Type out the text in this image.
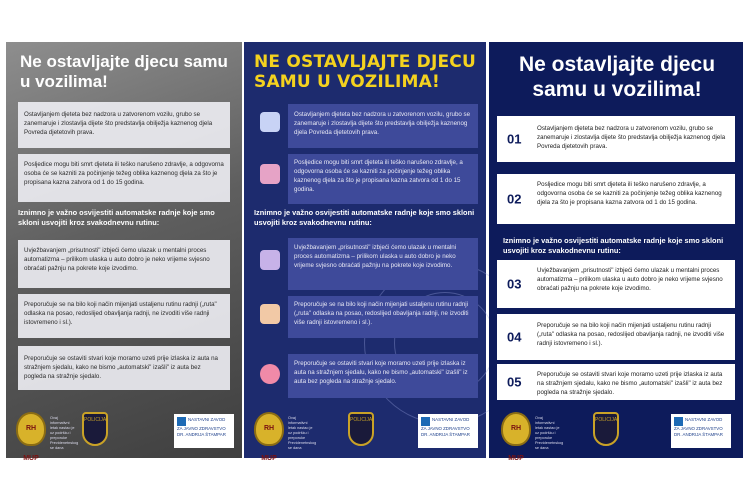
Ne ostavljajte djecu samu u vozilima!
Ostavljanjem djeteta bez nadzora u zatvorenom vozilu, grubo se zanemaruje i zlostavlja dijete što predstavlja obilježja kaznenog djela Povreda djetetovih prava.
Posljedice mogu biti smrt djeteta ili teško narušeno zdravlje, a odgovorna osoba će se kazniti za počinjenje težeg oblika kaznenog djela za što je propisana kazna zatvora od 1 do 15 godina.
Iznimno je važno osvijestiti automatske radnje koje smo skloni usvojiti kroz svakodnevnu rutinu:
Uvježbavanjem „prisutnosti" izbjeći ćemo ulazak u mentalni proces automatizma – prilikom ulaska u auto dobro je neko vrijeme svjesno obraćati pažnju na pokrete koje izvodimo.
Preporučuje se na bilo koji način mijenjati ustaljenu rutinu radnji („ruta" odlaska na posao, redoslijed obavljanja radnji, ne izvoditi više radnji istovremeno i sl.).
Preporučuje se ostaviti stvari koje moramo uzeti prije izlaska iz auta na stražnjem sjedalu, kako ne bismo „automatski" izašli" iz auta bez pogleda na stražnje sjedalo.
RH MUP
Ovaj informativni letak nastao je uz podršku i preporuke Previdenetnskog se dana
POLICIJA	NASTAVNI ZAVOD ZA JAVNO ZDRAVSTVO DR. ANDRIJA ŠTAMPAR
NE OSTAVLJAJTE DJECU SAMU U VOZILIMA!
Ostavljanjem djeteta bez nadzora u zatvorenom vozilu, grubo se zanemaruje i zlostavlja dijete što predstavlja obilježja kaznenog djela Povreda djetetovih prava.
Posljedice mogu biti smrt djeteta ili teško narušeno zdravlje, a odgovorna osoba će se kazniti za počinjenje težeg oblika kaznenog djela za što je propisana kazna zatvora od 1 do 15 godina.
Iznimno je važno osvijestiti automatske radnje koje smo skloni usvojiti kroz svakodnevnu rutinu:
Uvježbavanjem „prisutnosti" izbjeći ćemo ulazak u mentalni proces automatizma – prilikom ulaska u auto dobro je neko vrijeme svjesno obraćati pažnju na pokrete koje izvodimo.
Preporučuje se na bilo koji način mijenjati ustaljenu rutinu radnji („ruta" odlaska na posao, redoslijed obavljanja radnji, ne izvoditi više radnji istovremeno i sl.).
Preporučuje se ostaviti stvari koje moramo uzeti prije izlaska iz auta na stražnjem sjedalu, kako ne bismo „automatski" izašli" iz auta bez pogleda na stražnje sjedalo.
RH MUP
Ovaj informativni letak nastao je uz podršku i preporuke Previdenetnskog se dana
POLICIJA	NASTAVNI ZAVOD ZA JAVNO ZDRAVSTVO DR. ANDRIJA ŠTAMPAR
Ne ostavljajte djecu samu u vozilima!
01
Ostavljanjem djeteta bez nadzora u zatvorenom vozilu, grubo se zanemaruje i zlostavlja dijete što predstavlja obilježja kaznenog djela Povreda djetetovih prava.
02
Posljedice mogu biti smrt djeteta ili teško narušeno zdravlje, a odgovorna osoba će se kazniti za počinjenje težeg oblika kaznenog djela za što je propisana kazna zatvora od 1 do 15 godina.
Iznimno je važno osvijestiti automatske radnje koje smo skloni usvojiti kroz svakodnevnu rutinu:
03
Uvježbavanjem „prisutnosti" izbjeći ćemo ulazak u mentalni proces automatizma – prilikom ulaska u auto dobro je neko vrijeme svjesno obraćati pažnju na pokrete koje izvodimo.
04
Preporučuje se na bilo koji način mijenjati ustaljenu rutinu radnji („ruta" odlaska na posao, redoslijed obavljanja radnji, ne izvoditi više radnji istovremeno i sl.).
05	Preporučuje se ostaviti stvari koje moramo uzeti prije izlaska iz auta na stražnjem sjedalu, kako ne bismo „automatski" izašli" iz auta bez pogleda na stražnje sjedalo.
RH MUP
Ovaj informativni letak nastao je uz podršku i preporuke Previdenetnskog se dana
POLICIJA	NASTAVNI ZAVOD ZA JAVNO ZDRAVSTVO DR. ANDRIJA ŠTAMPAR
